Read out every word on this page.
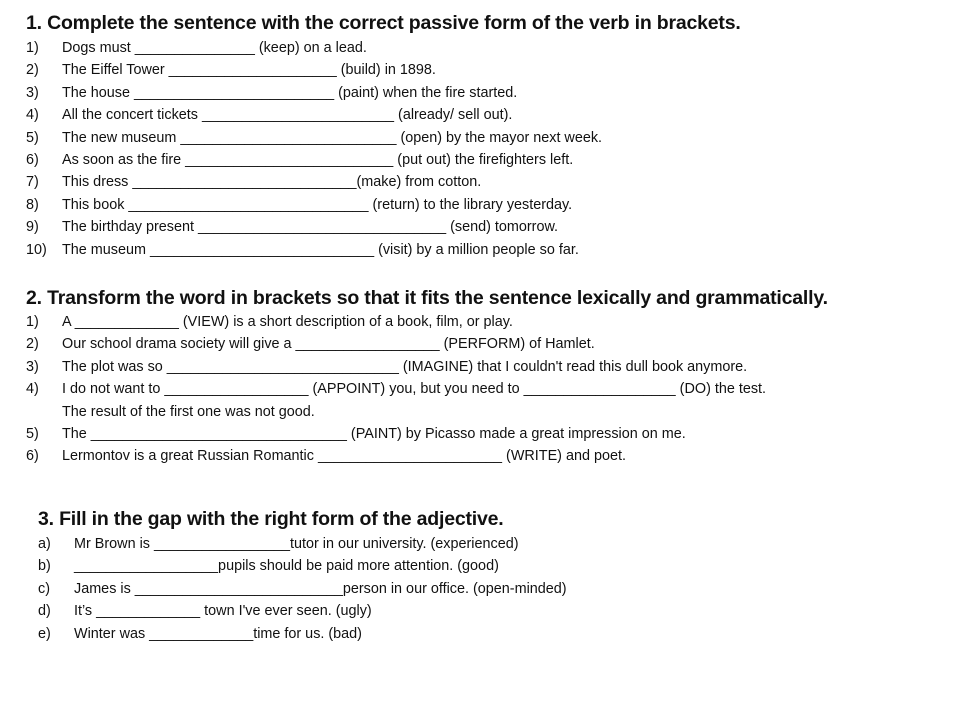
1. Complete the sentence with the correct passive form of the verb in brackets.
1) Dogs must _______________ (keep) on a lead.
2) The Eiffel Tower _____________________ (build) in 1898.
3) The house _________________________ (paint) when the fire started.
4) All the concert tickets ________________________ (already/ sell out).
5) The new museum ___________________________ (open) by the mayor next week.
6) As soon as the fire __________________________ (put out) the firefighters left.
7) This dress ____________________________(make) from cotton.
8) This book ______________________________ (return) to the library yesterday.
9) The birthday present _______________________________ (send) tomorrow.
10) The museum ____________________________ (visit) by a million people so far.
2. Transform the word in brackets so that it fits the sentence lexically and grammatically.
1) A _____________ (VIEW) is a short description of a book, film, or play.
2) Our school drama society will give a __________________ (PERFORM) of Hamlet.
3) The plot was so _____________________________ (IMAGINE) that I couldn't read this dull book anymore.
4) I do not want to __________________ (APPOINT) you, but you need to ___________________ (DO) the test.
The result of the first one was not good.
5) The ________________________________ (PAINT) by Picasso made a great impression on me.
6) Lermontov is a great Russian Romantic _______________________ (WRITE) and poet.
3. Fill in the gap with the right form of the adjective.
a) Mr Brown is _________________tutor in our university. (experienced)
b) __________________pupils should be paid more attention. (good)
c) James is __________________________person in our office. (open-minded)
d) It’s _____________ town I've ever seen. (ugly)
e) Winter was _____________time for us. (bad)
